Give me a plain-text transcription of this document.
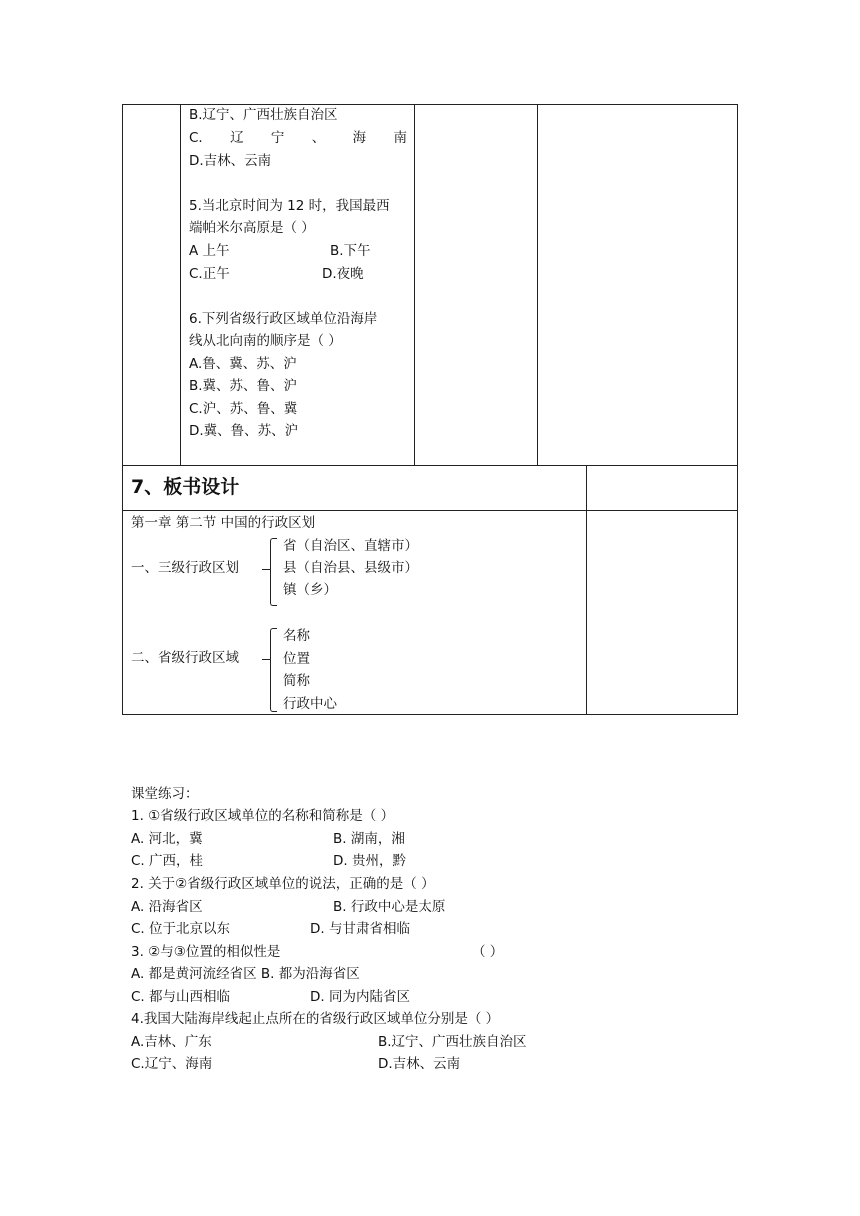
B.辽宁、广西壮族自治区
C. 辽 宁 、 海 南
D.吉林、云南
5.当北京时间为 12 时，我国最西
端帕米尔高原是（ ）
A 上午	B.下午
C.正午	D.夜晚
6.下列省级行政区域单位沿海岸
线从北向南的顺序是（ ）
A.鲁、冀、苏、沪
B.冀、苏、鲁、沪
C.沪、苏、鲁、冀
D.冀、鲁、苏、沪
7、板书设计
第一章 第二节 中国的行政区划
一、三级行政区划
省（自治区、直辖市）
县（自治县、县级市）
镇（乡）
二、省级行政区域
名称
位置
简称
行政中心
课堂练习：
1. ①省级行政区域单位的名称和简称是（ ）
A. 河北，冀	B. 湖南，湘
C. 广西，桂	D. 贵州，黔
2. 关于②省级行政区域单位的说法，正确的是（ ）
A. 沿海省区	B. 行政中心是太原
C. 位于北京以东	D. 与甘肃省相临
3. ②与③位置的相似性是	（ ）
A. 都是黄河流经省区 B. 都为沿海省区
C. 都与山西相临	D. 同为内陆省区
4.我国大陆海岸线起止点所在的省级行政区域单位分别是（ ）
A.吉林、广东	B.辽宁、广西壮族自治区
C.辽宁、海南	D.吉林、云南
